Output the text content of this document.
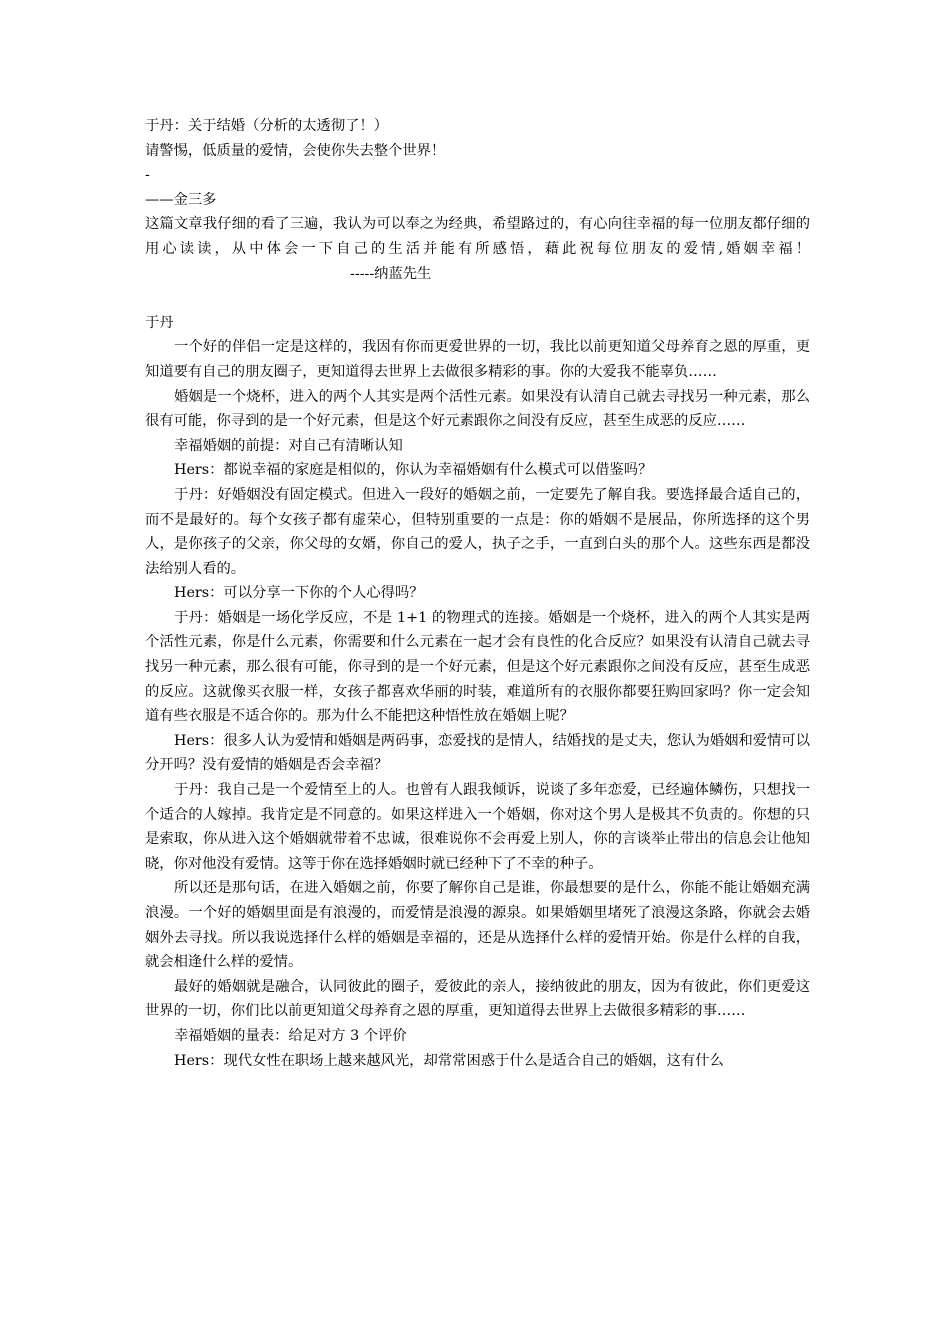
于丹：关于结婚（分析的太透彻了！）
请警惕，低质量的爱情，会使你失去整个世界！
-
——金三多
这篇文章我仔细的看了三遍，我认为可以奉之为经典，希望路过的，有心向往幸福的每一位朋友都仔细的用心读读，从中体会一下自己的生活并能有所感悟，藉此祝每位朋友的爱情,婚姻幸福！-----纳蓝先生
于丹
一个好的伴侣一定是这样的，我因有你而更爱世界的一切，我比以前更知道父母养育之恩的厚重，更知道要有自己的朋友圈子，更知道得去世界上去做很多精彩的事。你的大爱我不能辜负……
婚姻是一个烧杯，进入的两个人其实是两个活性元素。如果没有认清自己就去寻找另一种元素，那么很有可能，你寻到的是一个好元素，但是这个好元素跟你之间没有反应，甚至生成恶的反应……
幸福婚姻的前提：对自己有清晰认知
Hers：都说幸福的家庭是相似的，你认为幸福婚姻有什么模式可以借鉴吗？
于丹：好婚姻没有固定模式。但进入一段好的婚姻之前，一定要先了解自我。要选择最合适自己的，而不是最好的。每个女孩子都有虚荣心，但特别重要的一点是：你的婚姻不是展品，你所选择的这个男人，是你孩子的父亲，你父母的女婿，你自己的爱人，执子之手，一直到白头的那个人。这些东西是都没法给别人看的。
Hers：可以分享一下你的个人心得吗？
于丹：婚姻是一场化学反应，不是 1+1 的物理式的连接。婚姻是一个烧杯，进入的两个人其实是两个活性元素，你是什么元素，你需要和什么元素在一起才会有良性的化合反应？如果没有认清自己就去寻找另一种元素，那么很有可能，你寻到的是一个好元素，但是这个好元素跟你之间没有反应，甚至生成恶的反应。这就像买衣服一样，女孩子都喜欢华丽的时装，难道所有的衣服你都要狂购回家吗？你一定会知道有些衣服是不适合你的。那为什么不能把这种悟性放在婚姻上呢？
Hers：很多人认为爱情和婚姻是两码事，恋爱找的是情人，结婚找的是丈夫，您认为婚姻和爱情可以分开吗？没有爱情的婚姻是否会幸福？
于丹：我自己是一个爱情至上的人。也曾有人跟我倾诉，说谈了多年恋爱，已经遍体鳞伤，只想找一个适合的人嫁掉。我肯定是不同意的。如果这样进入一个婚姻，你对这个男人是极其不负责的。你想的只是索取，你从进入这个婚姻就带着不忠诚，很难说你不会再爱上别人，你的言谈举止带出的信息会让他知晓，你对他没有爱情。这等于你在选择婚姻时就已经种下了不幸的种子。
所以还是那句话，在进入婚姻之前，你要了解你自己是谁，你最想要的是什么，你能不能让婚姻充满浪漫。一个好的婚姻里面是有浪漫的，而爱情是浪漫的源泉。如果婚姻里堵死了浪漫这条路，你就会去婚姻外去寻找。所以我说选择什么样的婚姻是幸福的，还是从选择什么样的爱情开始。你是什么样的自我，就会相逢什么样的爱情。
最好的婚姻就是融合，认同彼此的圈子，爱彼此的亲人，接纳彼此的朋友，因为有彼此，你们更爱这世界的一切，你们比以前更知道父母养育之恩的厚重，更知道得去世界上去做很多精彩的事……
幸福婚姻的量表：给足对方 3 个评价
Hers：现代女性在职场上越来越风光，却常常困惑于什么是适合自己的婚姻，这有什么
